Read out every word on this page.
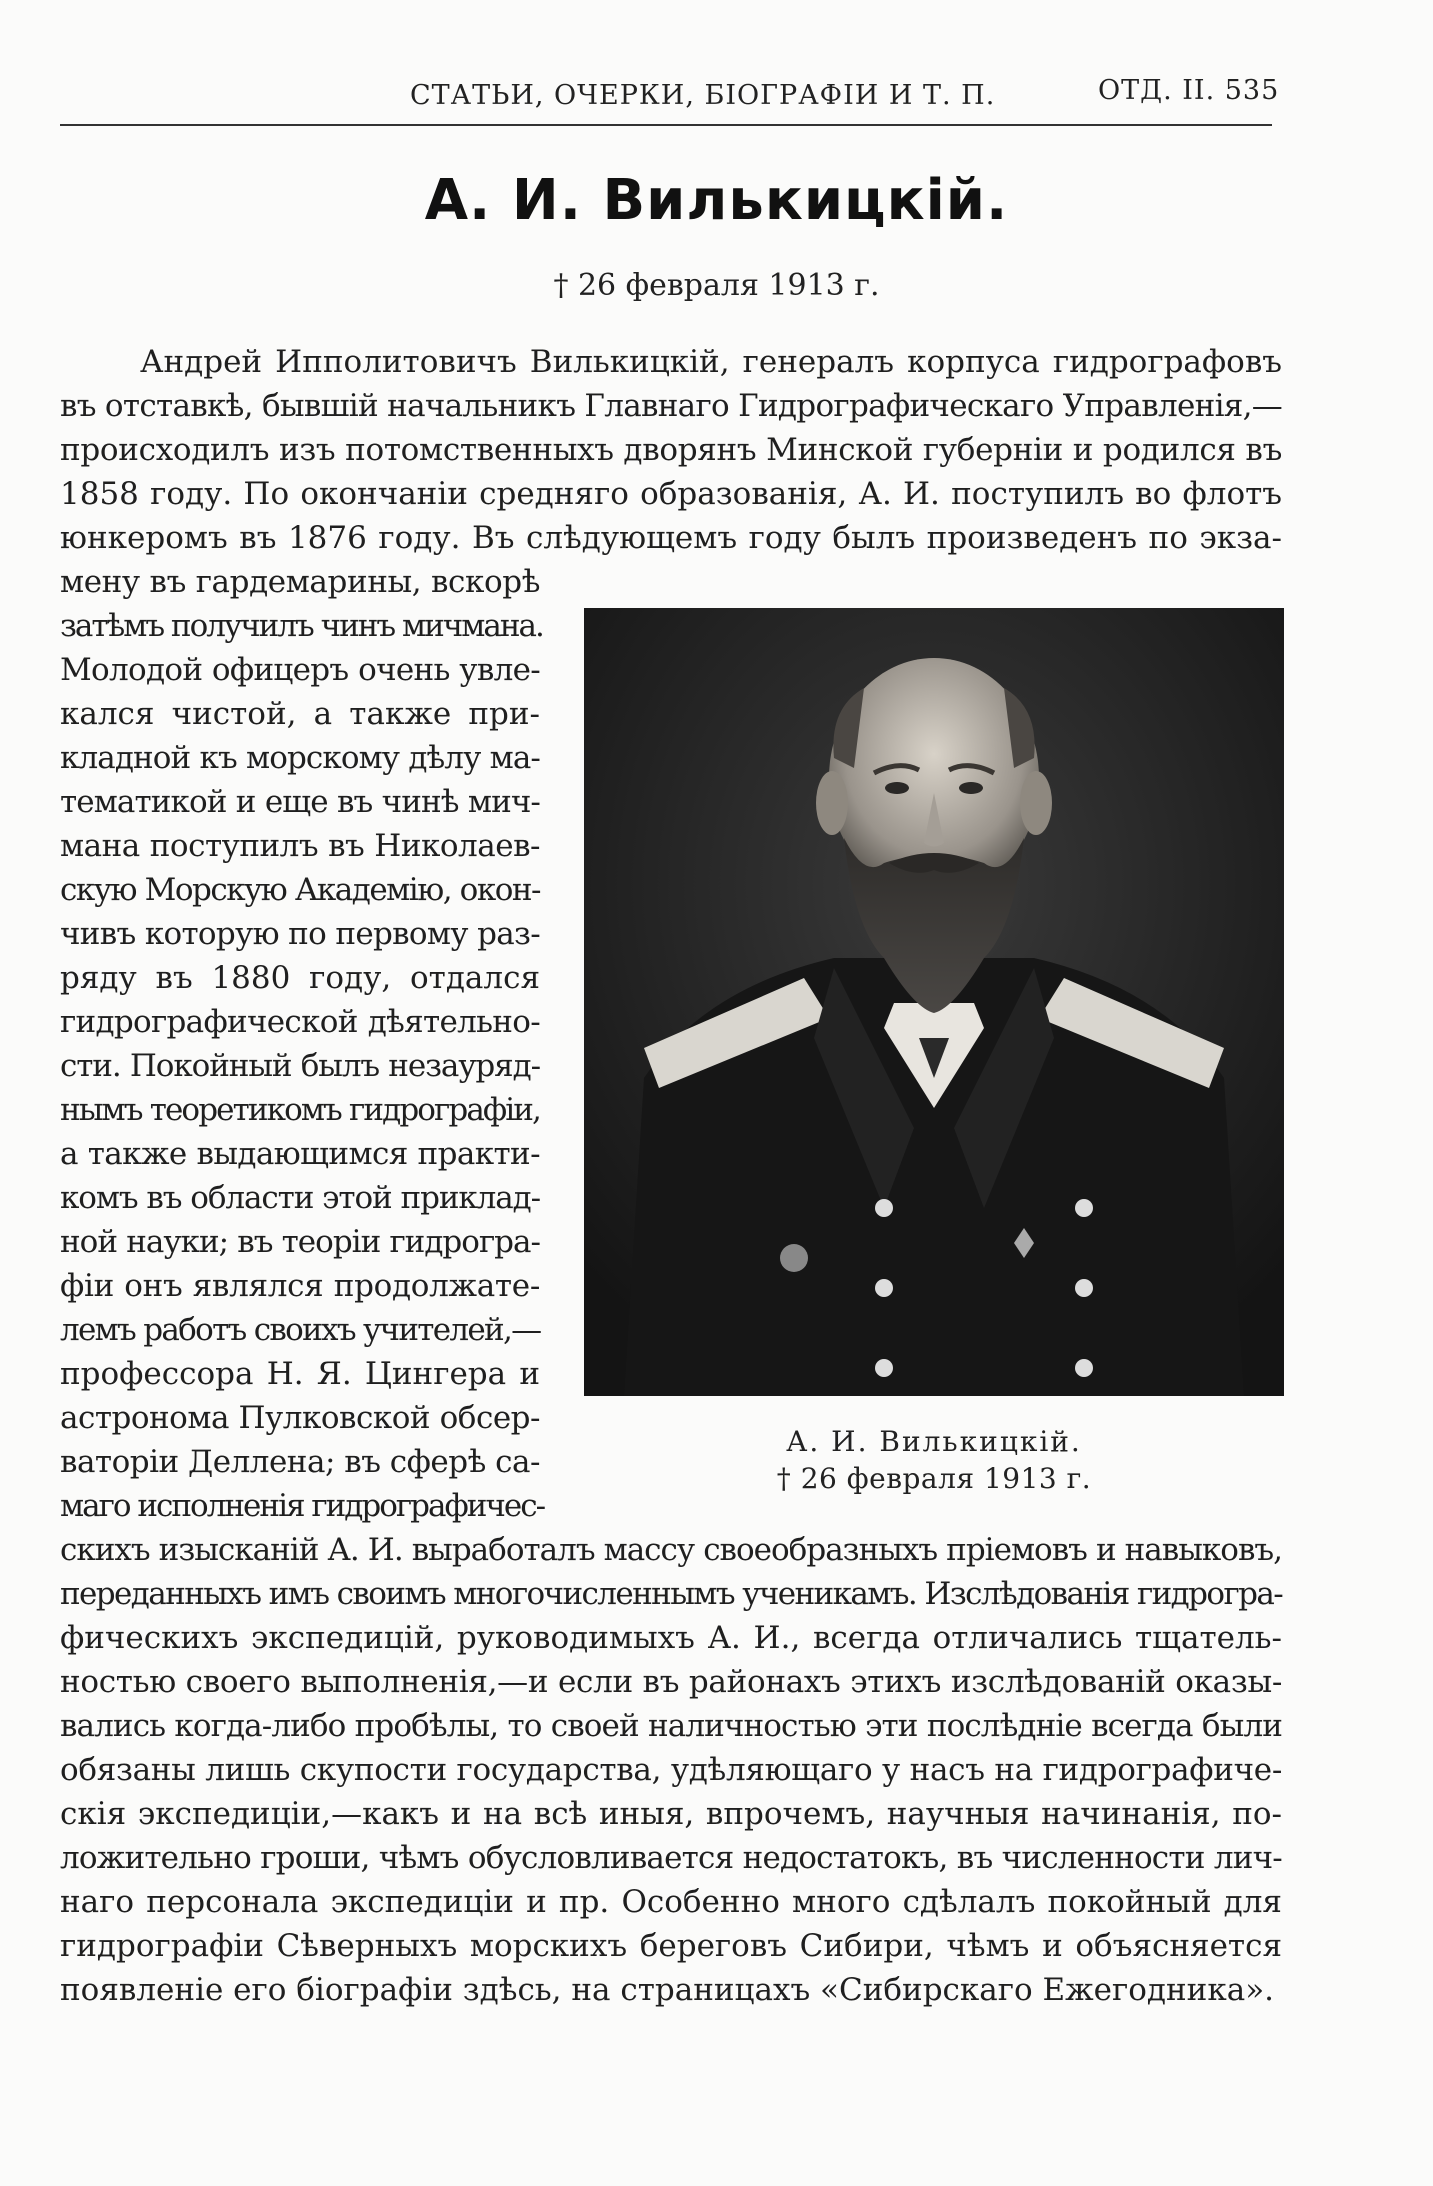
СТАТЬИ, ОЧЕРКИ, БІОГРАФІИ И Т. П.	ОТД. II. 535
А. И. Вилькицкій.
† 26 февраля 1913 г.
Андрей Ипполитовичъ Вилькицкій, генералъ корпуса гидрографовъ
въ отставкѣ, бывшій начальникъ Главнаго Гидрографическаго Управленія,—
происходилъ изъ потомственныхъ дворянъ Минской губерніи и родился въ
1858 году. По окончаніи средняго образованія, А. И. поступилъ во флотъ
юнкеромъ въ 1876 году. Въ слѣдующемъ году былъ произведенъ по экза-
мену въ гардемарины, вскорѣ
затѣмъ получилъ чинъ мичмана.
Молодой офицеръ очень увле-
кался чистой, а также при-
кладной къ морскому дѣлу ма-
тематикой и еще въ чинѣ мич-
мана поступилъ въ Николаев-
скую Морскую Академію, окон-
чивъ которую по первому раз-
ряду въ 1880 году, отдался
гидрографической дѣятельно-
сти. Покойный былъ незауряд-
нымъ теоретикомъ гидрографіи,
а также выдающимся практи-
комъ въ области этой приклад-
ной науки; въ теоріи гидрогра-
фіи онъ являлся продолжате-
лемъ работъ своихъ учителей,—
профессора Н. Я. Цингера и
астронома Пулковской обсер-
ваторіи Деллена; въ сферѣ са-
маго исполненія гидрографичес-
А. И. Вилькицкій.
† 26 февраля 1913 г.
скихъ изысканій А. И. выработалъ массу своеобразныхъ пріемовъ и навыковъ,
переданныхъ имъ своимъ многочисленнымъ ученикамъ. Изслѣдованія гидрогра-
фическихъ экспедицій, руководимыхъ А. И., всегда отличались тщатель-
ностью своего выполненія,—и если въ районахъ этихъ изслѣдованій оказы-
вались когда-либо пробѣлы, то своей наличностью эти послѣдніе всегда были
обязаны лишь скупости государства, удѣляющаго у насъ на гидрографиче-
скія экспедиціи,—какъ и на всѣ иныя, впрочемъ, научныя начинанія, по-
ложительно гроши, чѣмъ обусловливается недостатокъ, въ численности лич-
наго персонала экспедиціи и пр. Особенно много сдѣлалъ покойный для
гидрографіи Сѣверныхъ морскихъ береговъ Сибири, чѣмъ и объясняется
появленіе его біографіи здѣсь, на страницахъ «Сибирскаго Ежегодника».
